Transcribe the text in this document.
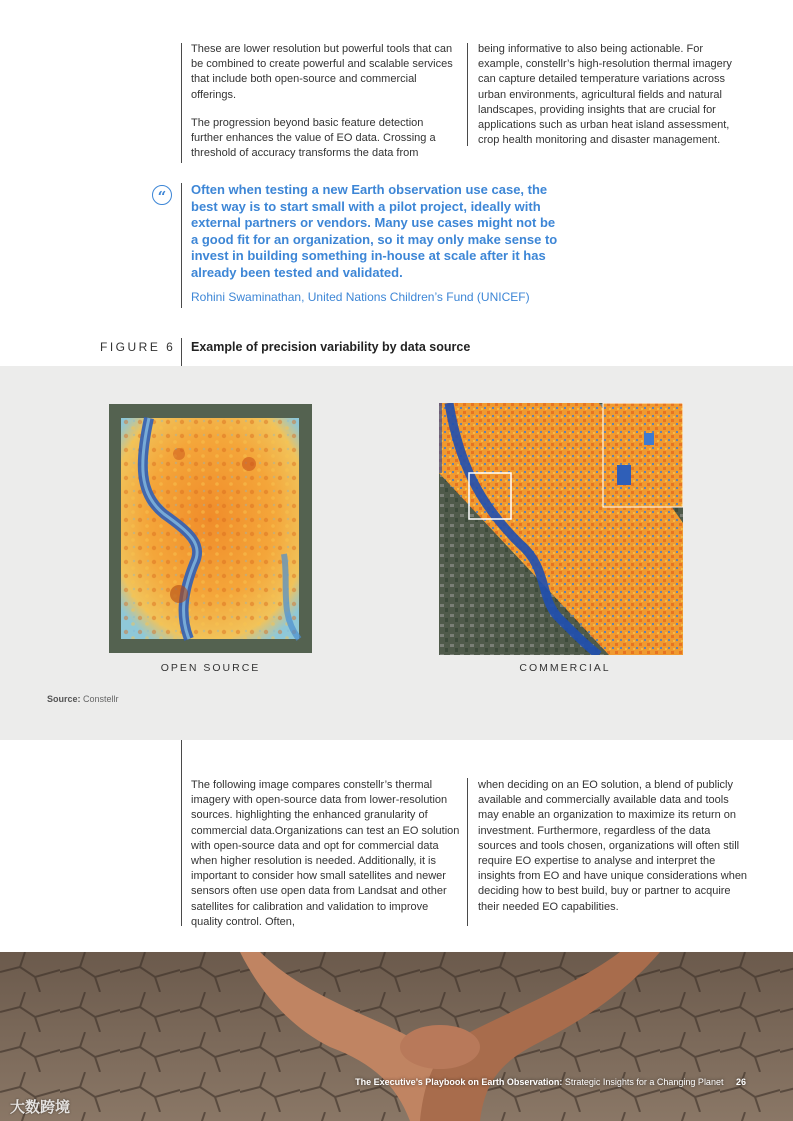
These are lower resolution but powerful tools that can be combined to create powerful and scalable services that include both open-source and commercial offerings.

The progression beyond basic feature detection further enhances the value of EO data. Crossing a threshold of accuracy transforms the data from

being informative to also being actionable. For example, constellr’s high-resolution thermal imagery can capture detailed temperature variations across urban environments, agricultural fields and natural landscapes, providing insights that are crucial for applications such as urban heat island assessment, crop health monitoring and disaster management.

“	Often when testing a new Earth observation use case, the best way is to start small with a pilot project, ideally with external partners or vendors. Many use cases might not be a good fit for an organization, so it may only make sense to invest in building something in-house at scale after it has already been tested and validated.
Rohini Swaminathan, United Nations Children’s Fund (UNICEF)
FIGURE 6 Example of precision variability by data source
OPEN SOURCE	COMMERCIAL
Source: Constellr

The following image compares constellr’s thermal imagery with open-source data from lower-resolution sources. highlighting the enhanced granularity of commercial data.Organizations can test an EO solution with open-source data and opt for commercial data when higher resolution is needed. Additionally, it is important to consider how small satellites and newer sensors often use open data from Landsat and other satellites for calibration and validation to improve quality control. Often,

when deciding on an EO solution, a blend of publicly available and commercially available data and tools may enable an organization to maximize its return on investment. Furthermore, regardless of the data sources and tools chosen, organizations will often still require EO expertise to analyse and interpret the insights from EO and have unique considerations when deciding how to best build, buy or partner to acquire their needed EO capabilities.

The Executive’s Playbook on Earth Observation: Strategic Insights for a Changing Planet 26
大数跨境
